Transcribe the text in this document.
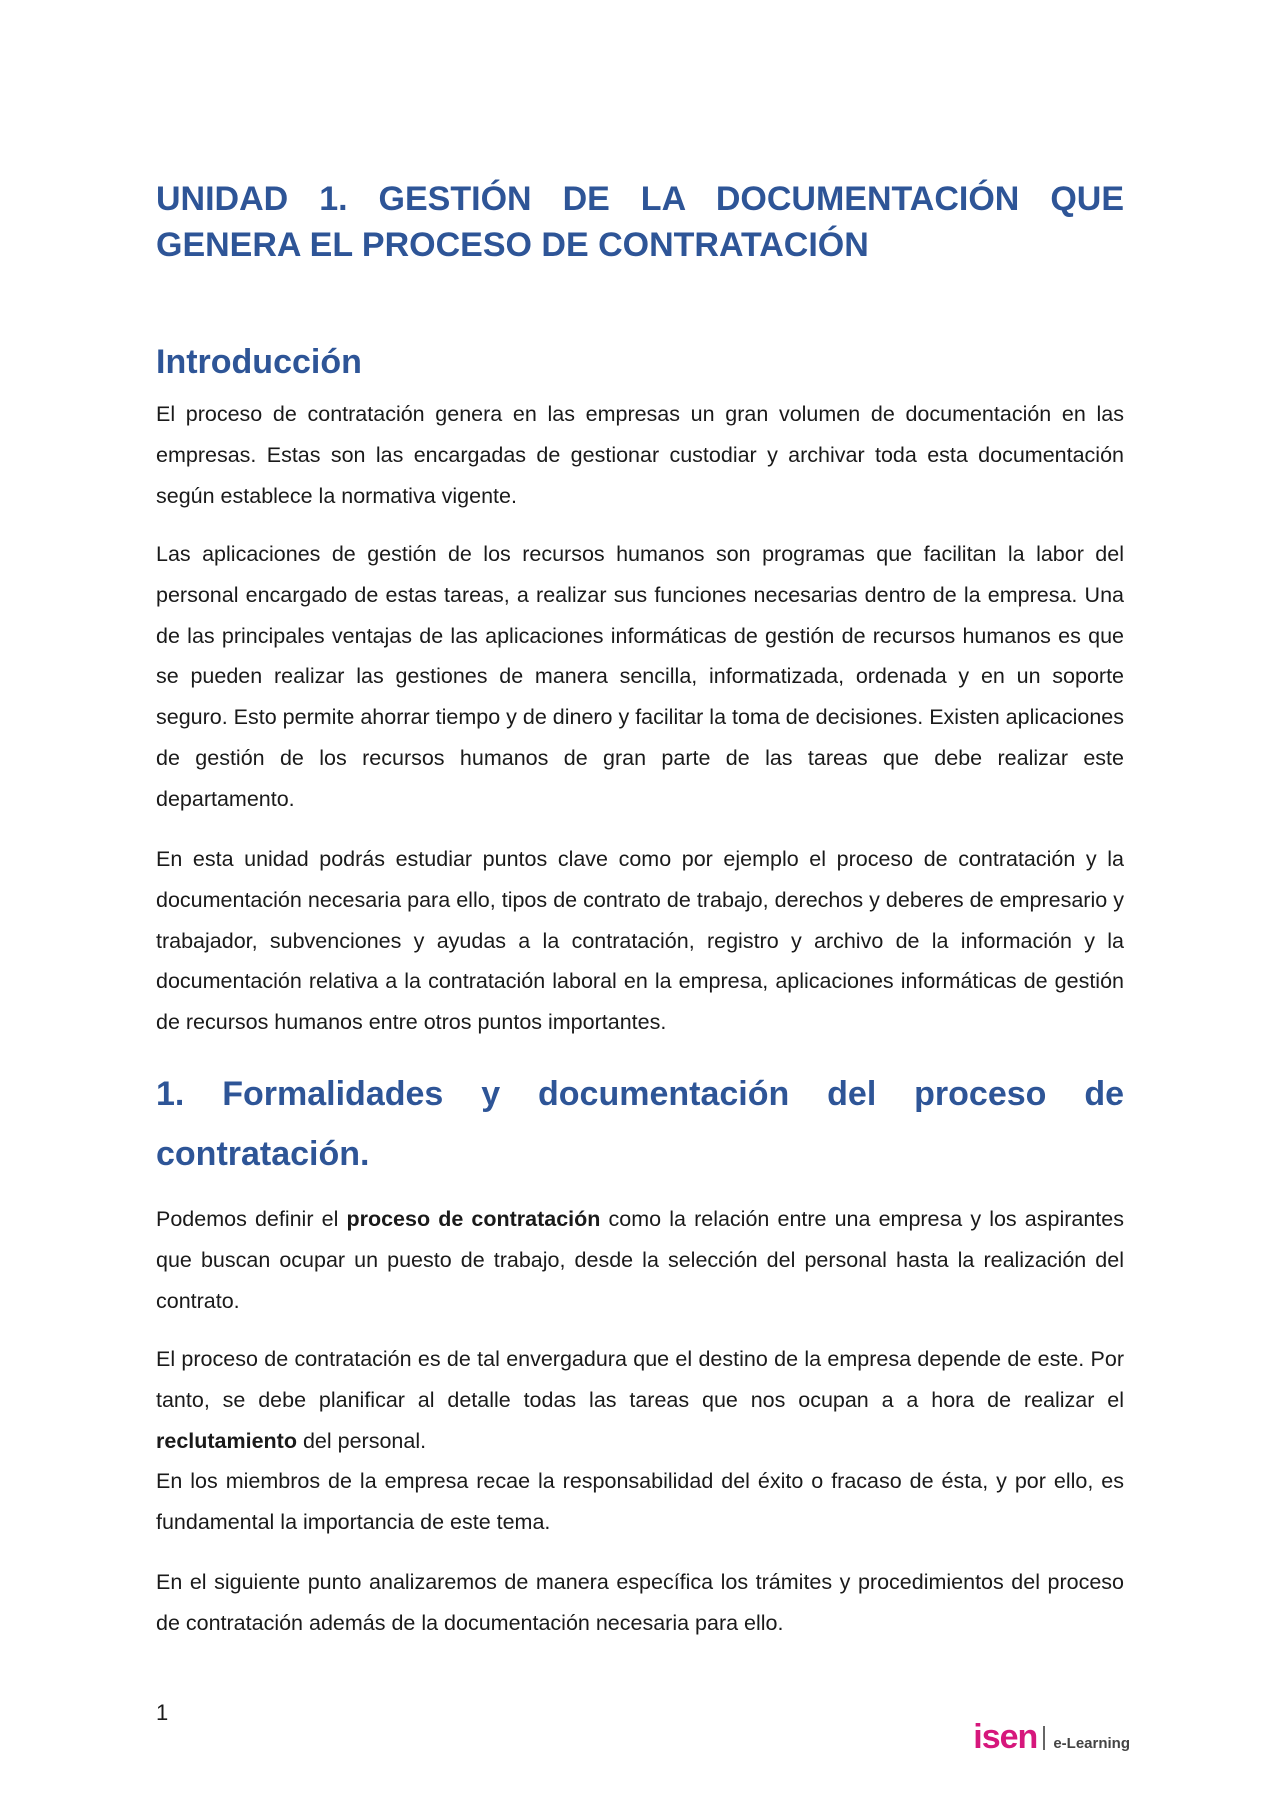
UNIDAD 1. GESTIÓN DE LA DOCUMENTACIÓN QUE
GENERA EL PROCESO DE CONTRATACIÓN
Introducción

El proceso de contratación genera en las empresas un gran volumen de documentación en las empresas. Estas son las encargadas de gestionar custodiar y archivar toda esta documentación según establece la normativa vigente.

Las aplicaciones de gestión de los recursos humanos son programas que facilitan la labor del personal encargado de estas tareas, a realizar sus funciones necesarias dentro de la empresa. Una de las principales ventajas de las aplicaciones informáticas de gestión de recursos humanos es que se pueden realizar las gestiones de manera sencilla, informatizada, ordenada y en un soporte seguro. Esto permite ahorrar tiempo y de dinero y facilitar la toma de decisiones. Existen aplicaciones de gestión de los recursos humanos de gran parte de las tareas que debe realizar este departamento.

En esta unidad podrás estudiar puntos clave como por ejemplo el proceso de contratación y la documentación necesaria para ello, tipos de contrato de trabajo, derechos y deberes de empresario y trabajador, subvenciones y ayudas a la contratación, registro y archivo de la información y la documentación relativa a la contratación laboral en la empresa, aplicaciones informáticas de gestión de recursos humanos entre otros puntos importantes.

1. Formalidades y documentación del proceso de
contratación.

Podemos definir el proceso de contratación como la relación entre una empresa y los aspirantes que buscan ocupar un puesto de trabajo, desde la selección del personal hasta la realización del contrato.

El proceso de contratación es de tal envergadura que el destino de la empresa depende de este. Por tanto, se debe planificar al detalle todas las tareas que nos ocupan a a hora de realizar el reclutamiento del personal.

En los miembros de la empresa recae la responsabilidad del éxito o fracaso de ésta, y por ello, es fundamental la importancia de este tema.

En el siguiente punto analizaremos de manera específica los trámites y procedimientos del proceso de contratación además de la documentación necesaria para ello.

1
isen e-Learning
